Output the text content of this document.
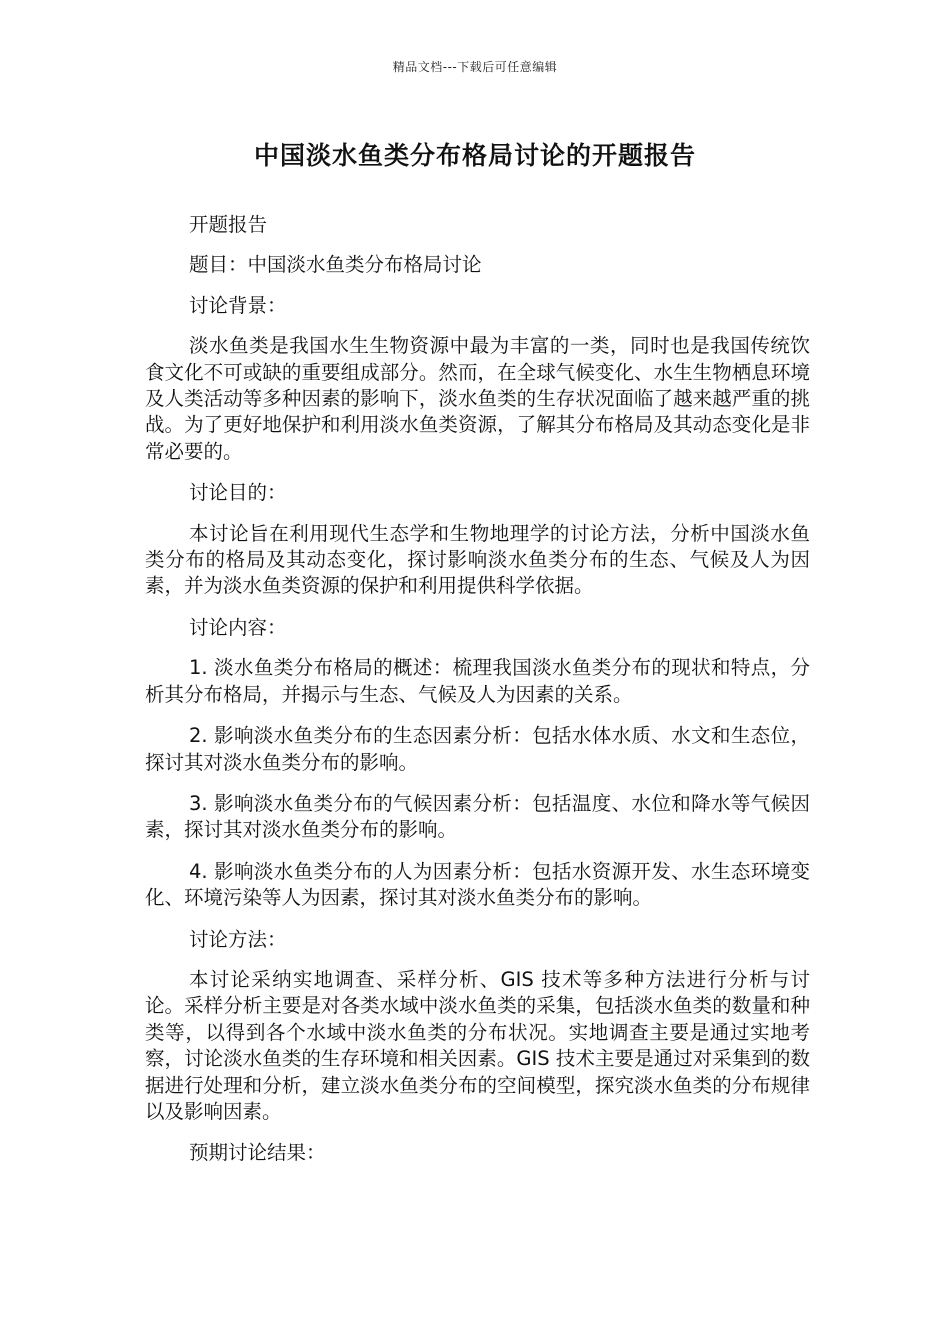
精品文档---下载后可任意编辑
中国淡水鱼类分布格局讨论的开题报告

开题报告

题目：中国淡水鱼类分布格局讨论

讨论背景：

淡水鱼类是我国水生生物资源中最为丰富的一类，同时也是我国传统饮食文化不可或缺的重要组成部分。然而，在全球气候变化、水生生物栖息环境及人类活动等多种因素的影响下，淡水鱼类的生存状况面临了越来越严重的挑战。为了更好地保护和利用淡水鱼类资源，了解其分布格局及其动态变化是非常必要的。

讨论目的：

本讨论旨在利用现代生态学和生物地理学的讨论方法，分析中国淡水鱼类分布的格局及其动态变化，探讨影响淡水鱼类分布的生态、气候及人为因素，并为淡水鱼类资源的保护和利用提供科学依据。

讨论内容：

1. 淡水鱼类分布格局的概述：梳理我国淡水鱼类分布的现状和特点，分析其分布格局，并揭示与生态、气候及人为因素的关系。

2. 影响淡水鱼类分布的生态因素分析：包括水体水质、水文和生态位，探讨其对淡水鱼类分布的影响。

3. 影响淡水鱼类分布的气候因素分析：包括温度、水位和降水等气候因素，探讨其对淡水鱼类分布的影响。

4. 影响淡水鱼类分布的人为因素分析：包括水资源开发、水生态环境变化、环境污染等人为因素，探讨其对淡水鱼类分布的影响。

讨论方法：

本讨论采纳实地调查、采样分析、GIS 技术等多种方法进行分析与讨论。采样分析主要是对各类水域中淡水鱼类的采集，包括淡水鱼类的数量和种类等，以得到各个水域中淡水鱼类的分布状况。实地调查主要是通过实地考察，讨论淡水鱼类的生存环境和相关因素。GIS 技术主要是通过对采集到的数据进行处理和分析，建立淡水鱼类分布的空间模型，探究淡水鱼类的分布规律以及影响因素。

预期讨论结果：
